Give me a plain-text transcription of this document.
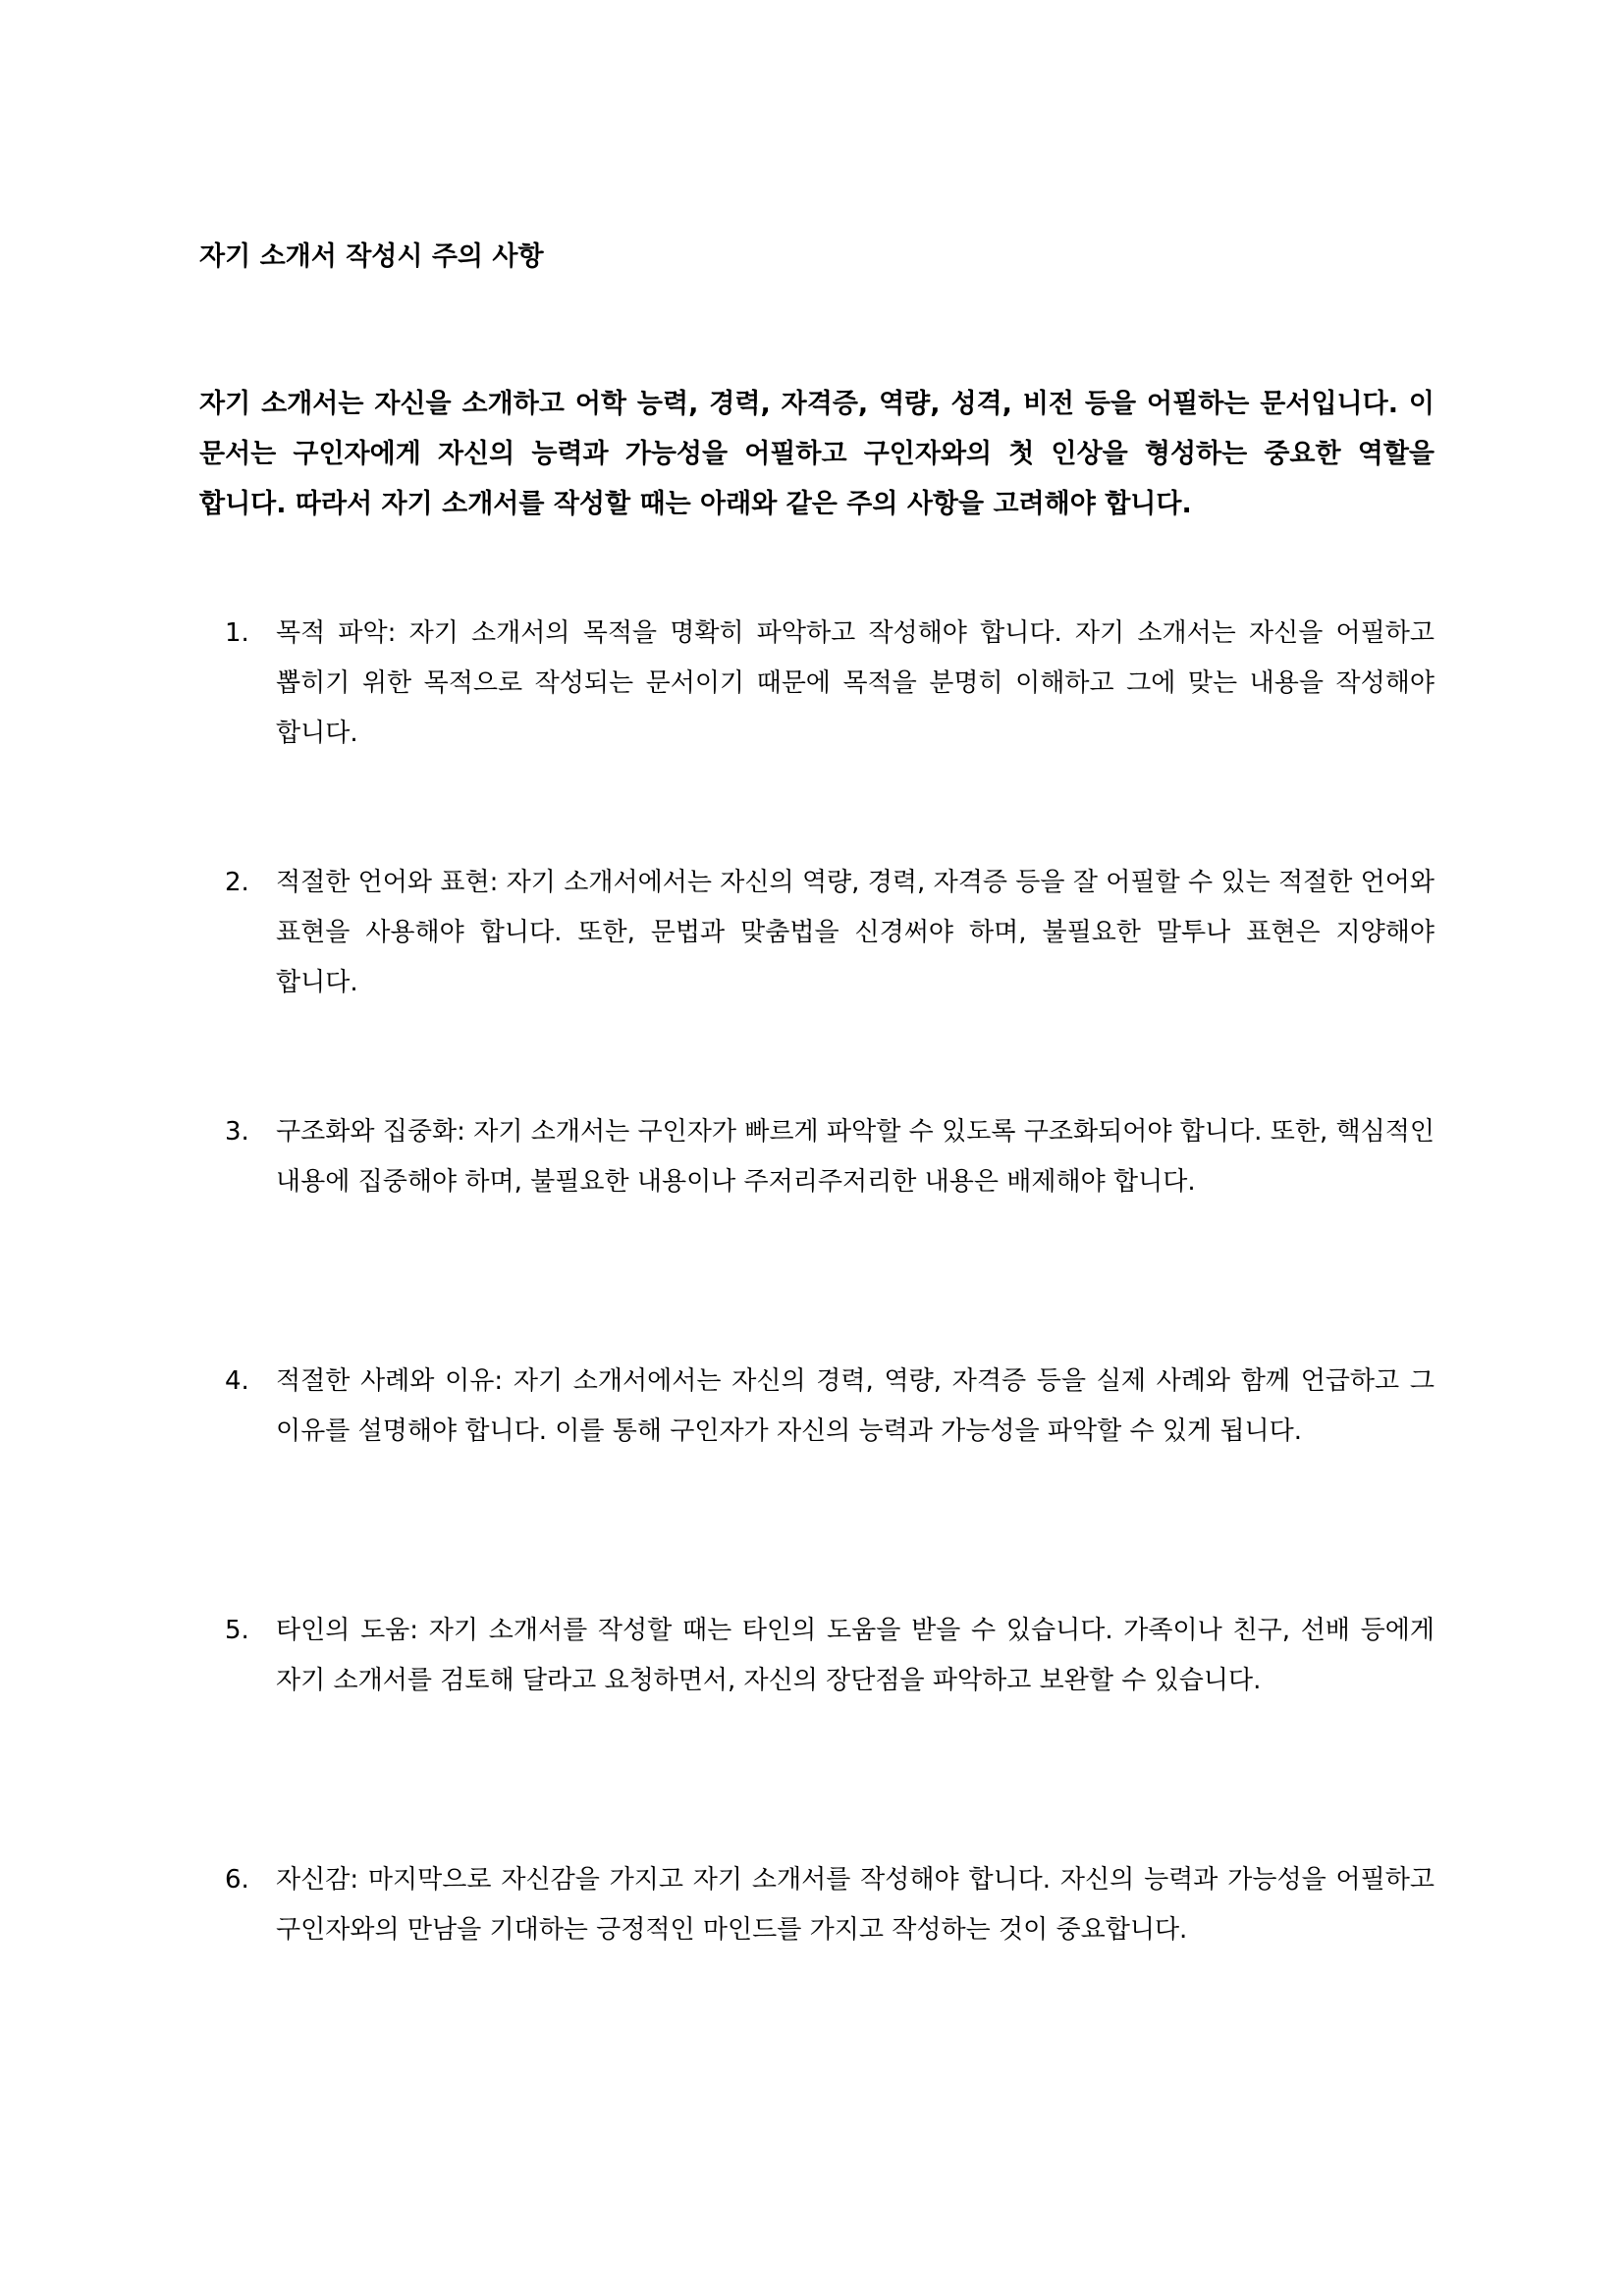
자기 소개서 작성시 주의 사항

자기 소개서는 자신을 소개하고 어학 능력, 경력, 자격증, 역량, 성격, 비전 등을 어필하는 문서입니다. 이 문서는 구인자에게 자신의 능력과 가능성을 어필하고 구인자와의 첫 인상을 형성하는 중요한 역할을 합니다. 따라서 자기 소개서를 작성할 때는 아래와 같은 주의 사항을 고려해야 합니다.

1. 목적 파악: 자기 소개서의 목적을 명확히 파악하고 작성해야 합니다. 자기 소개서는 자신을 어필하고 뽑히기 위한 목적으로 작성되는 문서이기 때문에 목적을 분명히 이해하고 그에 맞는 내용을 작성해야 합니다.

2. 적절한 언어와 표현: 자기 소개서에서는 자신의 역량, 경력, 자격증 등을 잘 어필할 수 있는 적절한 언어와 표현을 사용해야 합니다. 또한, 문법과 맞춤법을 신경써야 하며, 불필요한 말투나 표현은 지양해야 합니다.

3. 구조화와 집중화: 자기 소개서는 구인자가 빠르게 파악할 수 있도록 구조화되어야 합니다. 또한, 핵심적인 내용에 집중해야 하며, 불필요한 내용이나 주저리주저리한 내용은 배제해야 합니다.

4. 적절한 사례와 이유: 자기 소개서에서는 자신의 경력, 역량, 자격증 등을 실제 사례와 함께 언급하고 그 이유를 설명해야 합니다. 이를 통해 구인자가 자신의 능력과 가능성을 파악할 수 있게 됩니다.

5. 타인의 도움: 자기 소개서를 작성할 때는 타인의 도움을 받을 수 있습니다. 가족이나 친구, 선배 등에게 자기 소개서를 검토해 달라고 요청하면서, 자신의 장단점을 파악하고 보완할 수 있습니다.

6. 자신감: 마지막으로 자신감을 가지고 자기 소개서를 작성해야 합니다. 자신의 능력과 가능성을 어필하고 구인자와의 만남을 기대하는 긍정적인 마인드를 가지고 작성하는 것이 중요합니다.
